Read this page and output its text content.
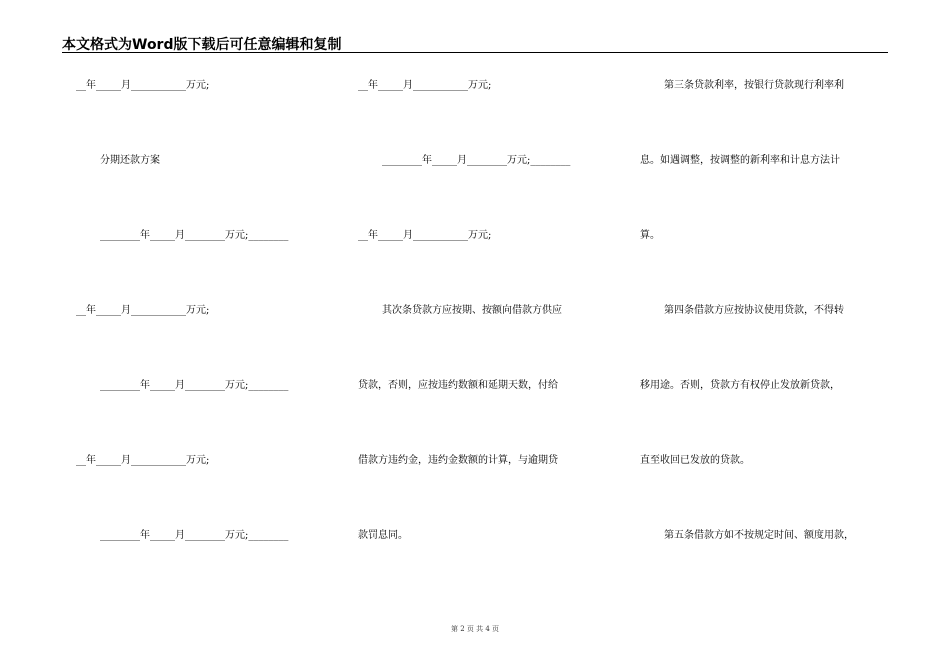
本文格式为Word版下载后可任意编辑和复制
__年_____月___________万元;
分期还款方案
________年_____月________万元;________
__年_____月___________万元;
________年_____月________万元;________
__年_____月___________万元;
________年_____月________万元;________
__年_____月___________万元;
________年_____月________万元;________
__年_____月___________万元;
其次条贷款方应按期、按额向借款方供应
贷款，否则，应按违约数额和延期天数，付给
借款方违约金，违约金数额的计算，与逾期贷
款罚息同。
第三条贷款利率，按银行贷款现行利率利
息。如遇调整，按调整的新利率和计息方法计
算。
第四条借款方应按协议使用贷款，不得转
移用途。否则，贷款方有权停止发放新贷款，
直至收回已发放的贷款。
第五条借款方如不按规定时间、额度用款，
第 2 页 共 4 页
